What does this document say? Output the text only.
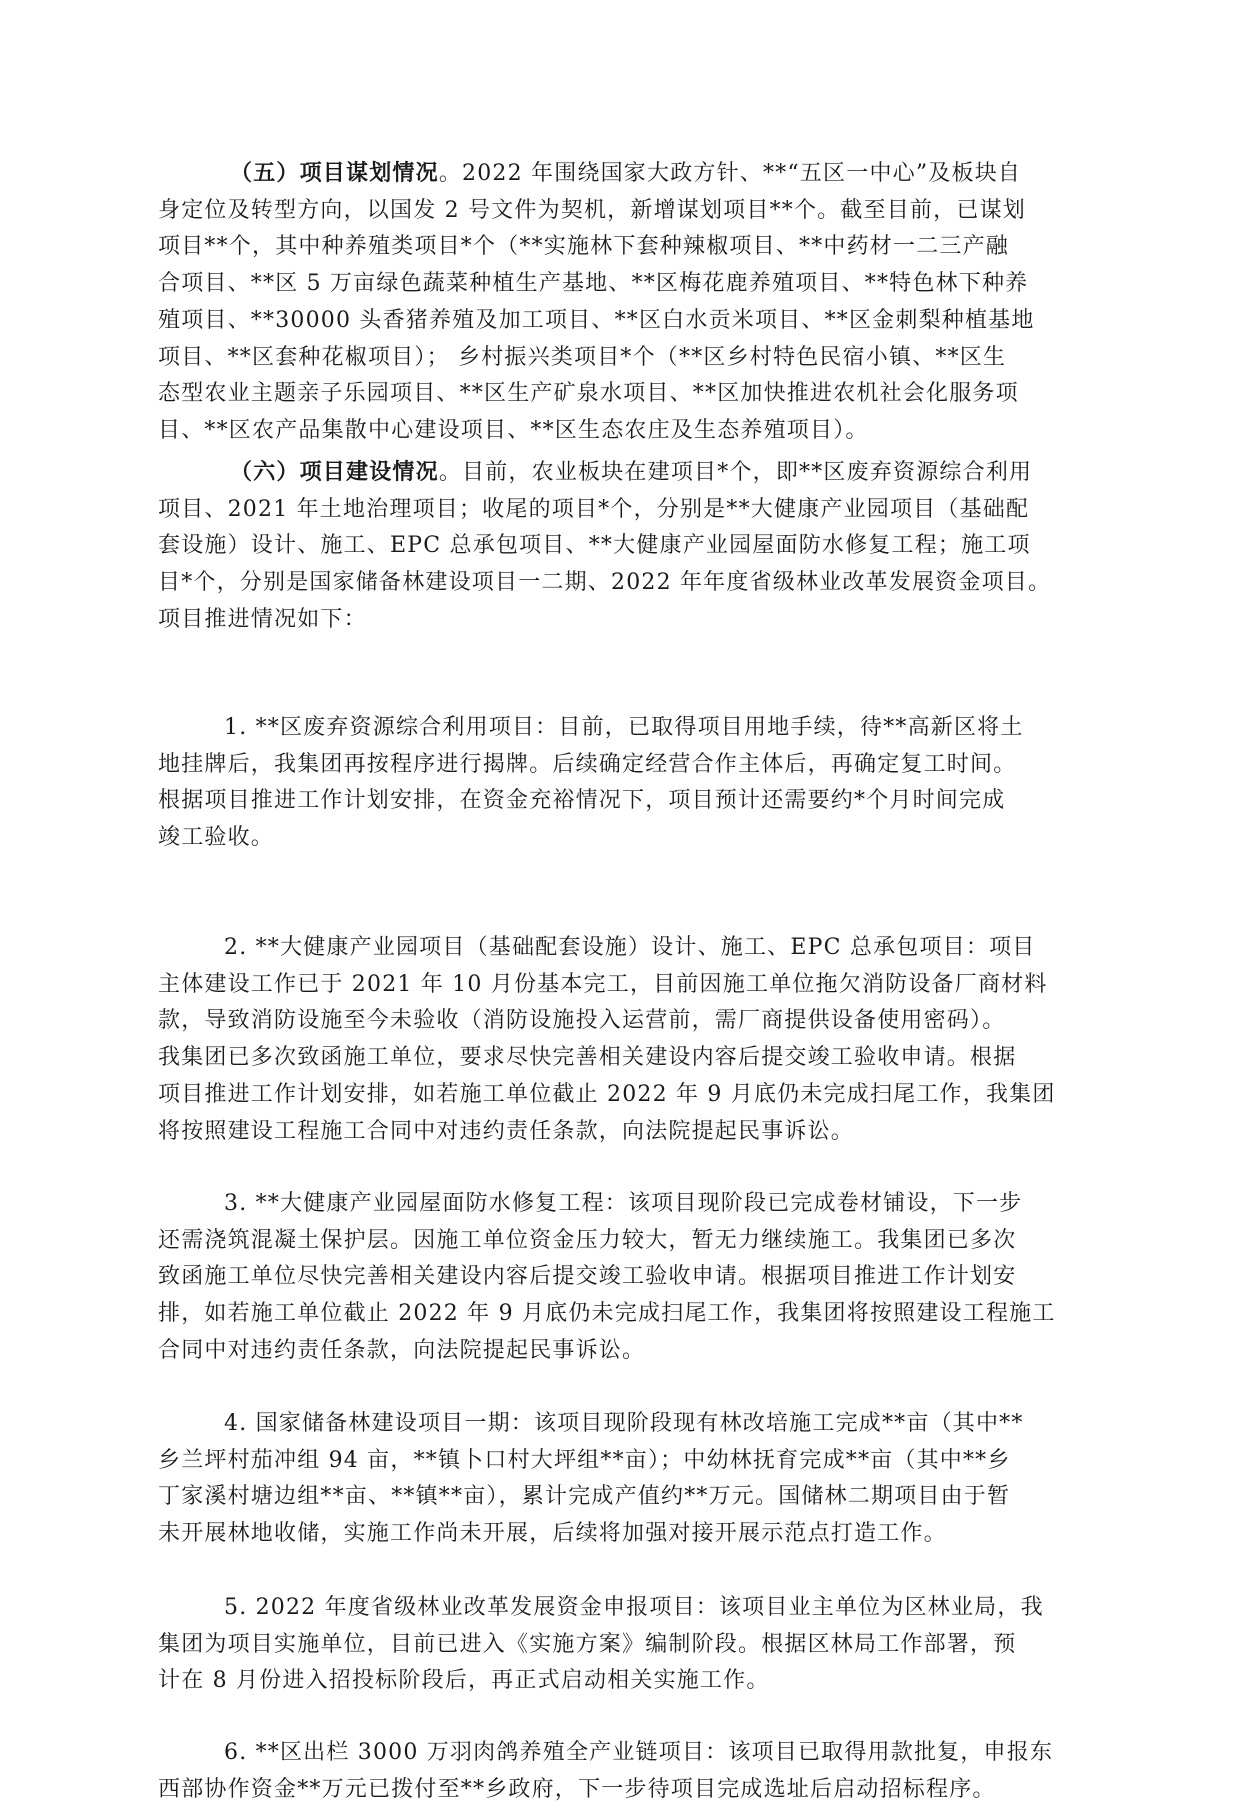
（五）项目谋划情况。2022 年围绕国家大政方针、**“五区一中心”及板块自
身定位及转型方向，以国发 2 号文件为契机，新增谋划项目**个。截至目前，已谋划
项目**个，其中种养殖类项目*个（**实施林下套种辣椒项目、**中药材一二三产融
合项目、**区 5 万亩绿色蔬菜种植生产基地、**区梅花鹿养殖项目、**特色林下种养
殖项目、**30000 头香猪养殖及加工项目、**区白水贡米项目、**区金刺梨种植基地
项目、**区套种花椒项目）； 乡村振兴类项目*个（**区乡村特色民宿小镇、**区生
态型农业主题亲子乐园项目、**区生产矿泉水项目、**区加快推进农机社会化服务项
目、**区农产品集散中心建设项目、**区生态农庄及生态养殖项目）。
（六）项目建设情况。目前，农业板块在建项目*个，即**区废弃资源综合利用
项目、2021 年土地治理项目；收尾的项目*个，分别是**大健康产业园项目（基础配
套设施）设计、施工、EPC 总承包项目、**大健康产业园屋面防水修复工程；施工项
目*个，分别是国家储备林建设项目一二期、2022 年年度省级林业改革发展资金项目。
项目推进情况如下：
1. **区废弃资源综合利用项目：目前，已取得项目用地手续，待**高新区将土
地挂牌后，我集团再按程序进行揭牌。后续确定经营合作主体后，再确定复工时间。
根据项目推进工作计划安排，在资金充裕情况下，项目预计还需要约*个月时间完成
竣工验收。
2. **大健康产业园项目（基础配套设施）设计、施工、EPC 总承包项目：项目
主体建设工作已于 2021 年 10 月份基本完工，目前因施工单位拖欠消防设备厂商材料
款，导致消防设施至今未验收（消防设施投入运营前，需厂商提供设备使用密码）。
我集团已多次致函施工单位，要求尽快完善相关建设内容后提交竣工验收申请。根据
项目推进工作计划安排，如若施工单位截止 2022 年 9 月底仍未完成扫尾工作，我集团
将按照建设工程施工合同中对违约责任条款，向法院提起民事诉讼。
3. **大健康产业园屋面防水修复工程：该项目现阶段已完成卷材铺设，下一步
还需浇筑混凝土保护层。因施工单位资金压力较大，暂无力继续施工。我集团已多次
致函施工单位尽快完善相关建设内容后提交竣工验收申请。根据项目推进工作计划安
排，如若施工单位截止 2022 年 9 月底仍未完成扫尾工作，我集团将按照建设工程施工
合同中对违约责任条款，向法院提起民事诉讼。
4. 国家储备林建设项目一期：该项目现阶段现有林改培施工完成**亩（其中**
乡兰坪村茄冲组 94 亩，**镇卜口村大坪组**亩）；中幼林抚育完成**亩（其中**乡
丁家溪村塘边组**亩、**镇**亩），累计完成产值约**万元。国储林二期项目由于暂
未开展林地收储，实施工作尚未开展，后续将加强对接开展示范点打造工作。
5. 2022 年度省级林业改革发展资金申报项目：该项目业主单位为区林业局，我
集团为项目实施单位，目前已进入《实施方案》编制阶段。根据区林局工作部署，预
计在 8 月份进入招投标阶段后，再正式启动相关实施工作。
6. **区出栏 3000 万羽肉鸽养殖全产业链项目：该项目已取得用款批复，申报东
西部协作资金**万元已拨付至**乡政府，下一步待项目完成选址后启动招标程序。
